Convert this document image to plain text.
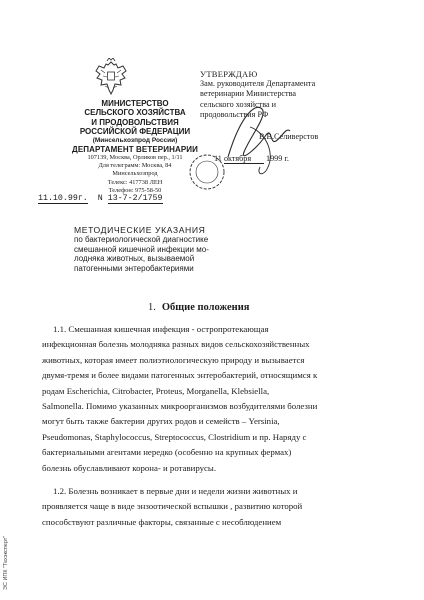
МИНИСТЕРСТВО
СЕЛЬСКОГО ХОЗЯЙСТВА
И ПРОДОВОЛЬСТВИЯ
РОССИЙСКОЙ ФЕДЕРАЦИИ
(Минсельхозпрод России)
ДЕПАРТАМЕНТ ВЕТЕРИНАРИИ
107139, Москва, Орликов пер., 1/11
Для телеграмм: Москва, 84
Минсельхозпрод
Телекс: 417738 ЛЕН
Телефон: 975-58-50
УТВЕРЖДАЮ
Зам. руководителя Департамента
ветеринарии Министерства
сельского хозяйства и
продовольствия РФ
В.В.Селиверстов
11 октября 1999 г.
11.10.99г. N 13-7-2/1759
МЕТОДИЧЕСКИЕ УКАЗАНИЯ
по бактериологической диагностике
смешанной кишечной инфекции мо-
лодняка животных, вызываемой
патогенными энтеробактериями
1. Общие положения
1.1. Смешанная кишечная инфекция - остропротекающая
инфекционная болезнь молодняка разных видов сельскохозяйственных
животных, которая имеет полиэтиологическую природу и вызывается
двумя-тремя и более видами патогенных энтеробактерий, относящимся к
родам Escherichia, Citrobacter, Proteus, Morganella, Klebsiella,
Salmonella. Помимо указанных микроорганизмов возбудителями болезни
могут быть также бактерии других родов и семейств – Yersinia,
Pseudomonas, Staphylococcus, Streptococcus, Clostridium и пр. Наряду с
бактериальными агентами нередко (особенно на крупных фермах)
болезнь обуславливают корона- и ротавирусы.
1.2. Болезнь возникает в первые дни и недели жизни животных и
проявляется чаще в виде энзоотической вспышки , развитию которой
способствуют различные факторы, связанные с несоблюдением
ЭС ИПК "Техэксперт"
